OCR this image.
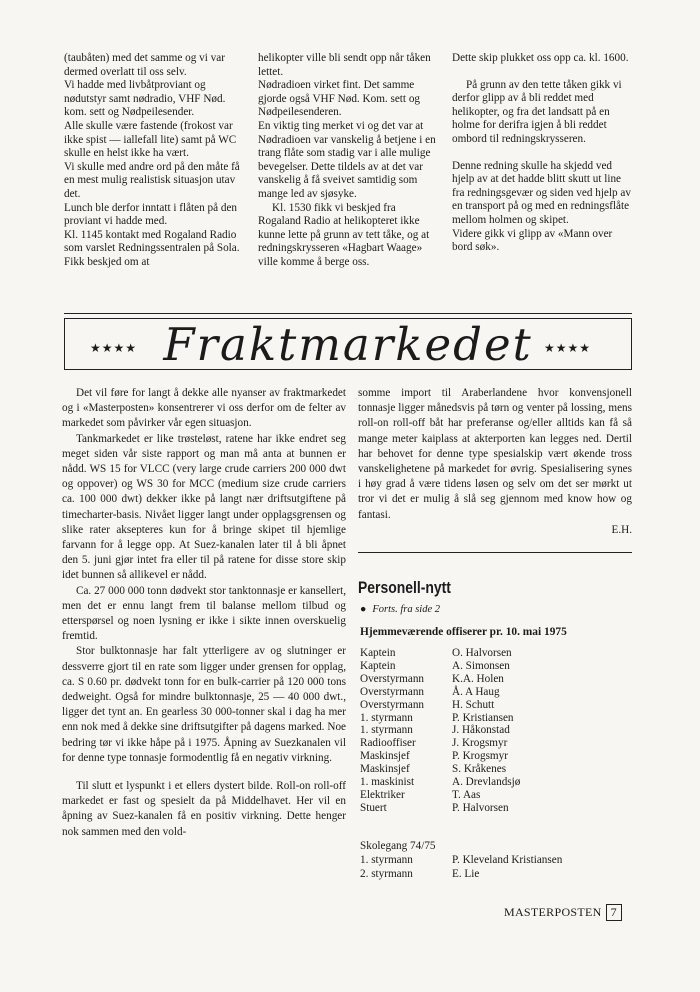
(taubåten) med det samme og vi var dermed overlatt til oss selv.

Vi hadde med livbåtproviant og nødutstyr samt nødradio, VHF Nød. kom. sett og Nødpeilesender.

Alle skulle være fastende (frokost var ikke spist — iallefall lite) samt på WC skulle en helst ikke ha vært.

Vi skulle med andre ord på den måte få en mest mulig realistisk situasjon utav det.

Lunch ble derfor inntatt i flåten på den proviant vi hadde med.

Kl. 1145 kontakt med Rogaland Radio som varslet Redningssentralen på Sola. Fikk beskjed om at

helikopter ville bli sendt opp når tåken lettet.

Nødradioen virket fint. Det samme gjorde også VHF Nød. Kom. sett og Nødpeilesenderen.

En viktig ting merket vi og det var at Nødradioen var vanskelig å betjene i en trang flåte som stadig var i alle mulige bevegelser. Dette tildels av at det var vanskelig å få sveivet samtidig som mange led av sjøsyke.

Kl. 1530 fikk vi beskjed fra Rogaland Radio at helikopteret ikke kunne lette på grunn av tett tåke, og at redningskrysseren «Hagbart Waage» ville komme å berge oss.

Dette skip plukket oss opp ca. kl. 1600.

På grunn av den tette tåken gikk vi derfor glipp av å bli reddet med helikopter, og fra det landsatt på en holme for derifra igjen å bli reddet ombord til redningskrysseren.

Denne redning skulle ha skjedd ved hjelp av at det hadde blitt skutt ut line fra redningsgevær og siden ved hjelp av en transport på og med en redningsflåte mellom holmen og skipet.

Videre gikk vi glipp av «Mann over bord søk».

★★★★ Fraktmarkedet ★★★★

Det vil føre for langt å dekke alle nyanser av fraktmarkedet og i «Masterposten» konsentrerer vi oss derfor om de felter av markedet som påvirker vår egen situasjon.

Tankmarkedet er like trøsteløst, ratene har ikke endret seg meget siden vår siste rapport og man må anta at bunnen er nådd. WS 15 for VLCC (very large crude carriers 200 000 dwt og oppover) og WS 30 for MCC (medium size crude carriers ca. 100 000 dwt) dekker ikke på langt nær driftsutgiftene på timecharter-basis. Nivået ligger langt under opplagsgrensen og slike rater aksepteres kun for å bringe skipet til hjemlige farvann for å legge opp. At Suez-kanalen later til å bli åpnet den 5. juni gjør intet fra eller til på ratene for disse store skip idet bunnen så allikevel er nådd.

Ca. 27 000 000 tonn dødvekt stor tanktonnasje er kansellert, men det er ennu langt frem til balanse mellom tilbud og etterspørsel og noen lysning er ikke i sikte innen overskuelig fremtid.

Stor bulktonnasje har falt ytterligere av og slutninger er dessverre gjort til en rate som ligger under grensen for opplag, ca. S 0.60 pr. dødvekt tonn for en bulk-carrier på 120 000 tons dedweight. Også for mindre bulktonnasje, 25 — 40 000 dwt., ligger det tynt an. En gearless 30 000-tonner skal i dag ha mer enn nok med å dekke sine driftsutgifter på dagens marked. Noe bedring tør vi ikke håpe på i 1975. Åpning av Suezkanalen vil for denne type tonnasje formodentlig få en negativ virkning.

Til slutt et lyspunkt i et ellers dystert bilde. Roll-on roll-off markedet er fast og spesielt da på Middelhavet. Her vil en åpning av Suez-kanalen få en positiv virkning. Dette henger nok sammen med den vold-

somme import til Araberlandene hvor konvensjonell tonnasje ligger månedsvis på tørn og venter på lossing, mens roll-on roll-off båt har preferanse og/eller alltids kan få så mange meter kaiplass at akterporten kan legges ned. Dertil har behovet for denne type spesialskip vært økende tross vanskelighetene på markedet for øvrig. Spesialisering synes i høy grad å være tidens løsen og selv om det ser mørkt ut tror vi det er mulig å slå seg gjennom med know how og fantasi.

E.H.

Personell-nytt
● Forts. fra side 2
Hjemmeværende offiserer pr. 10. mai 1975
Kaptein	O. Halvorsen
Kaptein	A. Simonsen
Overstyrmann	K.A. Holen
Overstyrmann	Å. A Haug
Overstyrmann	H. Schutt
1. styrmann	P. Kristiansen
1. styrmann	J. Håkonstad
Radiooffiser	J. Krogsmyr
Maskinsjef	P. Krogsmyr
Maskinsjef	S. Kråkenes
1. maskinist	A. Drevlandsjø
Elektriker	T. Aas
Stuert	P. Halvorsen
Skolegang 74/75
1. styrmann	P. Kleveland Kristiansen
2. styrmann	E. Lie
MASTERPOSTEN 7
